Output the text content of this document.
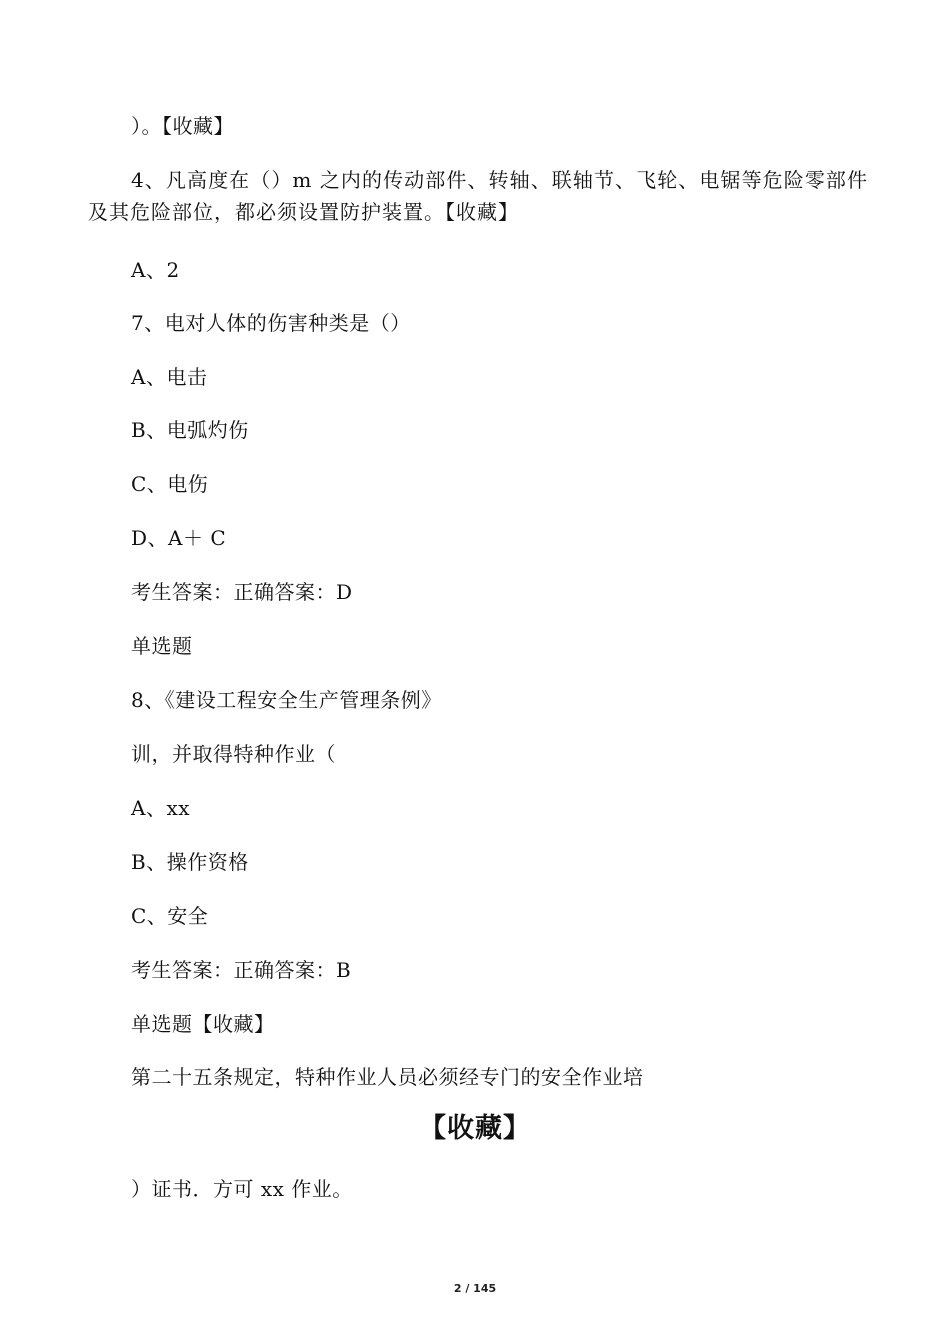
）。【收藏】
4、凡高度在（）m 之内的传动部件、转轴、联轴节、飞轮、电锯等危险零部件及其危险部位，都必须设置防护装置。【收藏】
A、2
7、电对人体的伤害种类是（）
A、电击
B、电弧灼伤
C、电伤
D、A＋ C
考生答案：正确答案：D
单选题
8、《建设工程安全生产管理条例》
训，并取得特种作业（
A、xx
B、操作资格
C、安全
考生答案：正确答案：B
单选题【收藏】
第二十五条规定，特种作业人员必须经专门的安全作业培
【收藏】
）证书．方可 xx 作业。
2 / 145
